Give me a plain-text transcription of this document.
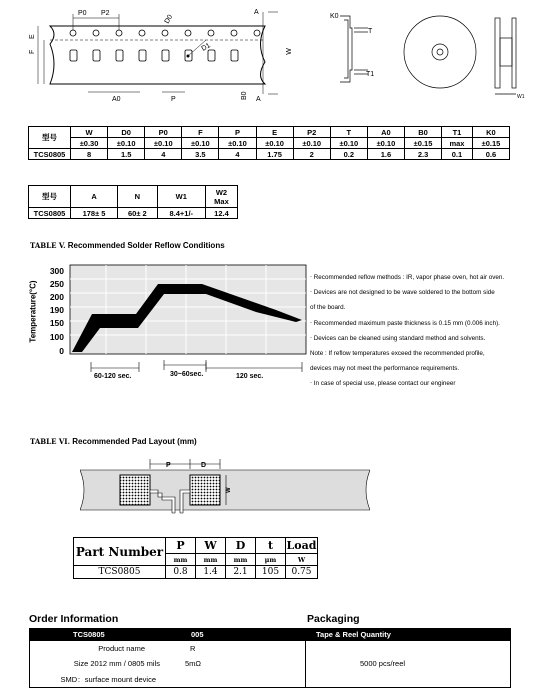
P0 P2
D0
D1
A
F
E
A0	P	B0 A
W
K0
T
T1
W1
型号	W	D0	P0	F	P	E	P2	T	A0	B0	T1	K0
	±0.30	±0.10	±0.10	±0.10	±0.10	±0.10	±0.10	±0.10	±0.10	±0.15	max	±0.15
TCS0805	8	1.5	4	3.5	4	1.75	2	0.2	1.6	2.3	0.1	0.6
型号	A	N	W1	W2
Max
TCS0805	178± 5	60± 2	8.4+1/-	12.4
TABLE V. Recommended Solder Reflow Conditions
Temperature(°C)
300
250
200
190
150
100
0
60-120 sec.	30~60sec.	120 sec.
‧ Recommended reflow methods : IR, vapor phase oven, hot air oven.
‧ Devices are not designed to be wave soldered to the bottom side
of the board.
‧ Recommended maximum paste thickness is 0.15 mm (0.006 inch).
‧ Devices can be cleaned using standard method and solvents.
Note : If reflow temperatures exceed the recommended profile,
devices may not meet the performance requirements.
‧ In case of special use, please contact our engineer
TABLE VI. Recommended Pad Layout (mm)
P	D
W
Part Number	P	W	D	t	Load
	mm	mm	mm	μm	W
TCS0805	0.8	1.4	2.1	105	0.75
Order Information	Packaging
TCS0805	005	Tape & Reel Quantity
Product name	R
Size 2012 mm / 0805 mils	5mΩ
SMD：surface mount device
5000 pcs/reel
